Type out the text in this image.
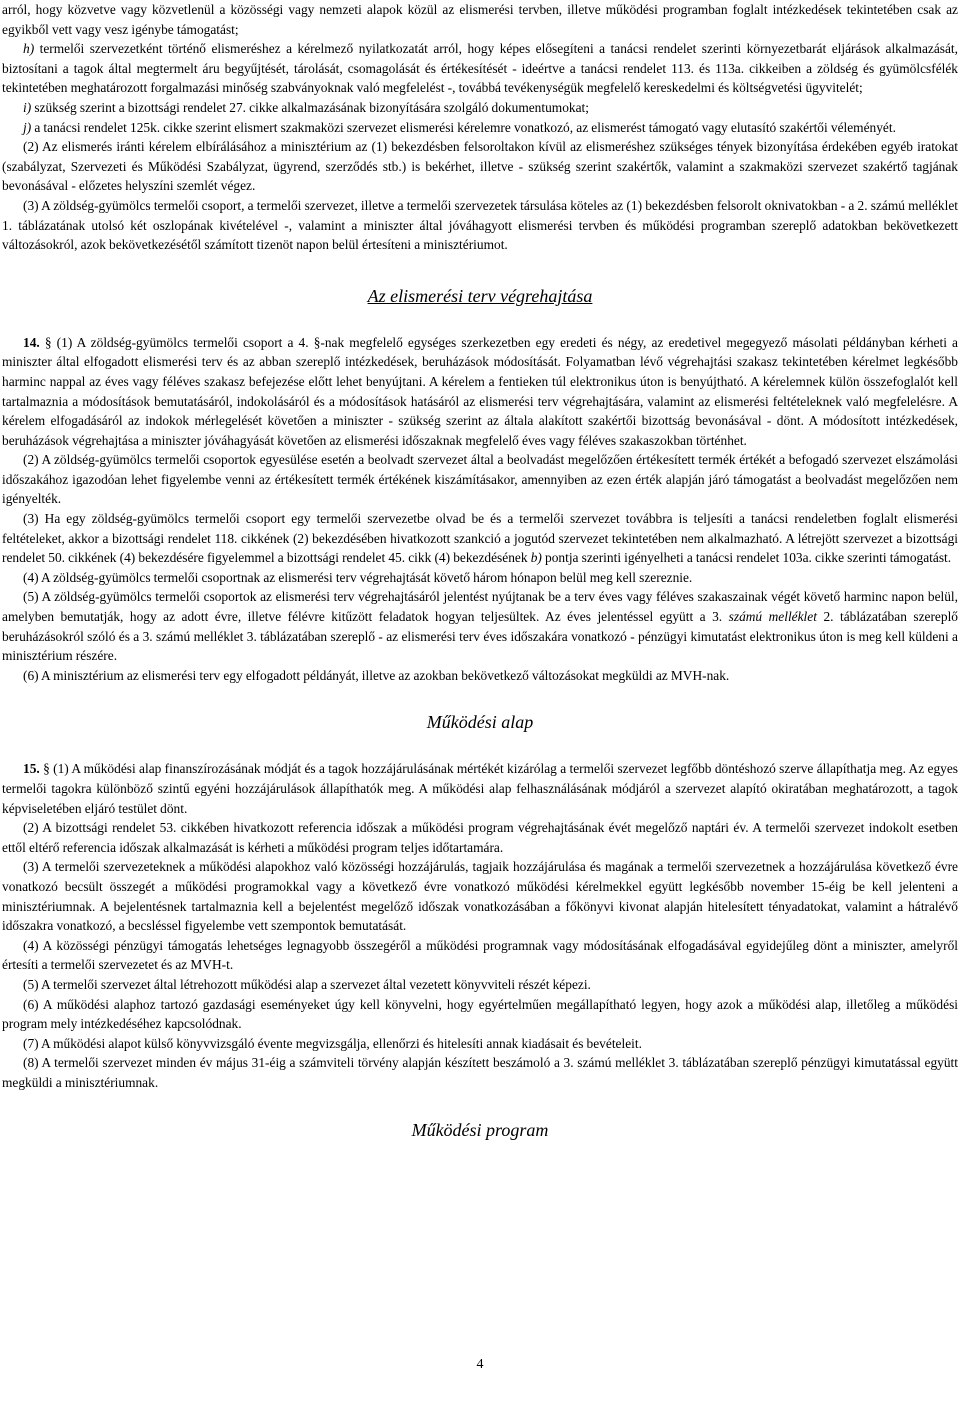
arról, hogy közvetve vagy közvetlenül a közösségi vagy nemzeti alapok közül az elismerési tervben, illetve működési programban foglalt intézkedések tekintetében csak az egyikből vett vagy vesz igénybe támogatást;

h) termelői szervezetként történő elismeréshez a kérelmező nyilatkozatát arról, hogy képes elősegíteni a tanácsi rendelet szerinti környezetbarát eljárások alkalmazását, biztosítani a tagok által megtermelt áru begyűjtését, tárolását, csomagolását és értékesítését - ideértve a tanácsi rendelet 113. és 113a. cikkeiben a zöldség és gyümölcsfélék tekintetében meghatározott forgalmazási minőség szabványoknak való megfelelést -, továbbá tevékenységük megfelelő kereskedelmi és költségvetési ügyvitelét;

i) szükség szerint a bizottsági rendelet 27. cikke alkalmazásának bizonyítására szolgáló dokumentumokat;

j) a tanácsi rendelet 125k. cikke szerint elismert szakmaközi szervezet elismerési kérelemre vonatkozó, az elismerést támogató vagy elutasító szakértői véleményét.

(2) Az elismerés iránti kérelem elbírálásához a minisztérium az (1) bekezdésben felsoroltakon kívül az elismeréshez szükséges tények bizonyítása érdekében egyéb iratokat (szabályzat, Szervezeti és Működési Szabályzat, ügyrend, szerződés stb.) is bekérhet, illetve - szükség szerint szakértők, valamint a szakmaközi szervezet szakértő tagjának bevonásával - előzetes helyszíni szemlét végez.

(3) A zöldség-gyümölcs termelői csoport, a termelői szervezet, illetve a termelői szervezetek társulása köteles az (1) bekezdésben felsorolt oknivatokban - a 2. számú melléklet 1. táblázatának utolsó két oszlopának kivételével -, valamint a miniszter által jóváhagyott elismerési tervben és működési programban szereplő adatokban bekövetkezett változásokról, azok bekövetkezésétől számított tizenöt napon belül értesíteni a minisztériumot.

Az elismerési terv végrehajtása

14. § (1) A zöldség-gyümölcs termelői csoport a 4. §-nak megfelelő egységes szerkezetben egy eredeti és négy, az eredetivel megegyező másolati példányban kérheti a miniszter által elfogadott elismerési terv és az abban szereplő intézkedések, beruházások módosítását. Folyamatban lévő végrehajtási szakasz tekintetében kérelmet legkésőbb harminc nappal az éves vagy féléves szakasz befejezése előtt lehet benyújtani. A kérelem a fentieken túl elektronikus úton is benyújtható. A kérelemnek külön összefoglalót kell tartalmaznia a módosítások bemutatásáról, indokolásáról és a módosítások hatásáról az elismerési terv végrehajtására, valamint az elismerési feltételeknek való megfelelésre. A kérelem elfogadásáról az indokok mérlegelését követően a miniszter - szükség szerint az általa alakított szakértői bizottság bevonásával - dönt. A módosított intézkedések, beruházások végrehajtása a miniszter jóváhagyását követően az elismerési időszaknak megfelelő éves vagy féléves szakaszokban történhet.

(2) A zöldség-gyümölcs termelői csoportok egyesülése esetén a beolvadt szervezet által a beolvadást megelőzően értékesített termék értékét a befogadó szervezet elszámolási időszakához igazodóan lehet figyelembe venni az értékesített termék értékének kiszámításakor, amennyiben az ezen érték alapján járó támogatást a beolvadást megelőzően nem igényelték.

(3) Ha egy zöldség-gyümölcs termelői csoport egy termelői szervezetbe olvad be és a termelői szervezet továbbra is teljesíti a tanácsi rendeletben foglalt elismerési feltételeket, akkor a bizottsági rendelet 118. cikkének (2) bekezdésében hivatkozott szankció a jogutód szervezet tekintetében nem alkalmazható. A létrejött szervezet a bizottsági rendelet 50. cikkének (4) bekezdésére figyelemmel a bizottsági rendelet 45. cikk (4) bekezdésének b) pontja szerinti igényelheti a tanácsi rendelet 103a. cikke szerinti támogatást.

(4) A zöldség-gyümölcs termelői csoportnak az elismerési terv végrehajtását követő három hónapon belül meg kell szereznie.

(5) A zöldség-gyümölcs termelői csoportok az elismerési terv végrehajtásáról jelentést nyújtanak be a terv éves vagy féléves szakaszainak végét követő harminc napon belül, amelyben bemutatják, hogy az adott évre, illetve félévre kitűzött feladatok hogyan teljesültek. Az éves jelentéssel együtt a 3. számú melléklet 2. táblázatában szereplő beruházásokról szóló és a 3. számú melléklet 3. táblázatában szereplő - az elismerési terv éves időszakára vonatkozó - pénzügyi kimutatást elektronikus úton is meg kell küldeni a minisztérium részére.

(6) A minisztérium az elismerési terv egy elfogadott példányát, illetve az azokban bekövetkező változásokat megküldi az MVH-nak.

Működési alap

15. § (1) A működési alap finanszírozásának módját és a tagok hozzájárulásának mértékét kizárólag a termelői szervezet legfőbb döntéshozó szerve állapíthatja meg. Az egyes termelői tagokra különböző szintű egyéni hozzájárulások állapíthatók meg. A működési alap felhasználásának módjáról a szervezet alapító okiratában meghatározott, a tagok képviseletében eljáró testület dönt.

(2) A bizottsági rendelet 53. cikkében hivatkozott referencia időszak a működési program végrehajtásának évét megelőző naptári év. A termelői szervezet indokolt esetben ettől eltérő referencia időszak alkalmazását is kérheti a működési program teljes időtartamára.

(3) A termelői szervezeteknek a működési alapokhoz való közösségi hozzájárulás, tagjaik hozzájárulása és magának a termelői szervezetnek a hozzájárulása következő évre vonatkozó becsült összegét a működési programokkal vagy a következő évre vonatkozó működési kérelmekkel együtt legkésőbb november 15-éig be kell jelenteni a minisztériumnak. A bejelentésnek tartalmaznia kell a bejelentést megelőző időszak vonatkozásában a főkönyvi kivonat alapján hitelesített tényadatokat, valamint a hátralévő időszakra vonatkozó, a becsléssel figyelembe vett szempontok bemutatását.

(4) A közösségi pénzügyi támogatás lehetséges legnagyobb összegéről a működési programnak vagy módosításának elfogadásával egyidejűleg dönt a miniszter, amelyről értesíti a termelői szervezetet és az MVH-t.

(5) A termelői szervezet által létrehozott működési alap a szervezet által vezetett könyvviteli részét képezi.

(6) A működési alaphoz tartozó gazdasági eseményeket úgy kell könyvelni, hogy egyértelműen megállapítható legyen, hogy azok a működési alap, illetőleg a működési program mely intézkedéséhez kapcsolódnak.

(7) A működési alapot külső könyvvizsgáló évente megvizsgálja, ellenőrzi és hitelesíti annak kiadásait és bevételeit.

(8) A termelői szervezet minden év május 31-éig a számviteli törvény alapján készített beszámoló a 3. számú melléklet 3. táblázatában szereplő pénzügyi kimutatással együtt megküldi a minisztériumnak.

Működési program
4
